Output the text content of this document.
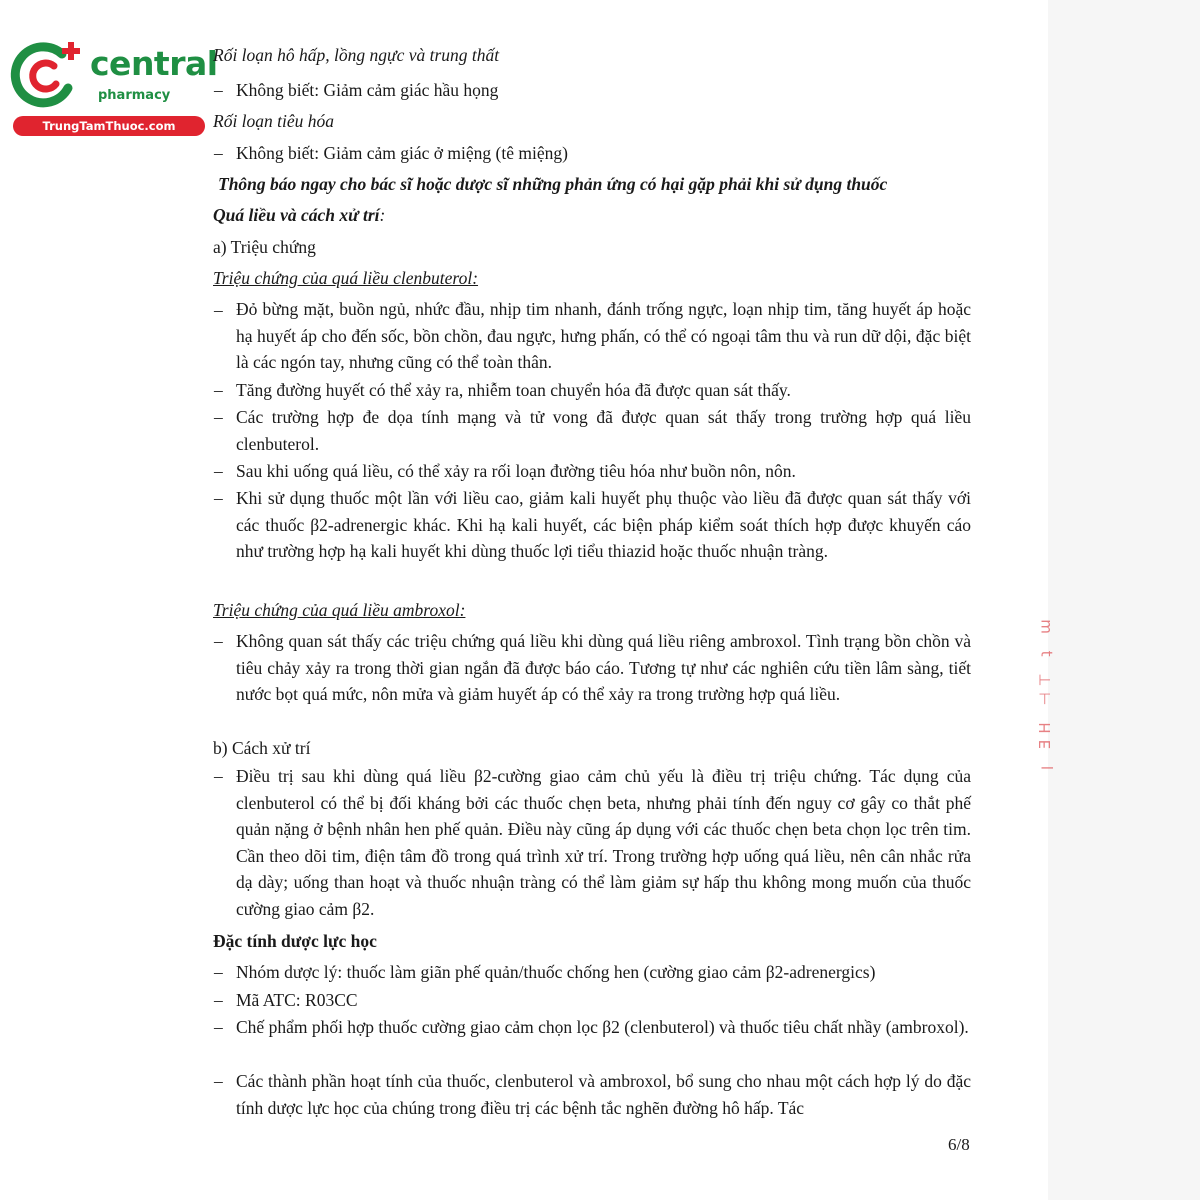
ꞁ ƎΗ ⊣⊤ ʇ ɯ
central
pharmacy
TrungTamThuoc.com
Rối loạn hô hấp, lồng ngực và trung thất
– Không biết: Giảm cảm giác hầu họng
Rối loạn tiêu hóa
– Không biết: Giảm cảm giác ở miệng (tê miệng)
Thông báo ngay cho bác sĩ hoặc dược sĩ những phản ứng có hại gặp phải khi sử dụng thuốc
Quá liều và cách xử trí:
a) Triệu chứng
Triệu chứng của quá liều clenbuterol:
– Đỏ bừng mặt, buồn ngủ, nhức đầu, nhịp tim nhanh, đánh trống ngực, loạn nhịp tim, tăng huyết áp hoặc hạ huyết áp cho đến sốc, bồn chồn, đau ngực, hưng phấn, có thể có ngoại tâm thu và run dữ dội, đặc biệt là các ngón tay, nhưng cũng có thể toàn thân.
– Tăng đường huyết có thể xảy ra, nhiễm toan chuyển hóa đã được quan sát thấy.
– Các trường hợp đe dọa tính mạng và tử vong đã được quan sát thấy trong trường hợp quá liều clenbuterol.
– Sau khi uống quá liều, có thể xảy ra rối loạn đường tiêu hóa như buồn nôn, nôn.
– Khi sử dụng thuốc một lần với liều cao, giảm kali huyết phụ thuộc vào liều đã được quan sát thấy với các thuốc β2-adrenergic khác. Khi hạ kali huyết, các biện pháp kiểm soát thích hợp được khuyến cáo như trường hợp hạ kali huyết khi dùng thuốc lợi tiểu thiazid hoặc thuốc nhuận tràng.
Triệu chứng của quá liều ambroxol:
– Không quan sát thấy các triệu chứng quá liều khi dùng quá liều riêng ambroxol. Tình trạng bồn chồn và tiêu chảy xảy ra trong thời gian ngắn đã được báo cáo. Tương tự như các nghiên cứu tiền lâm sàng, tiết nước bọt quá mức, nôn mửa và giảm huyết áp có thể xảy ra trong trường hợp quá liều.
b) Cách xử trí
– Điều trị sau khi dùng quá liều β2-cường giao cảm chủ yếu là điều trị triệu chứng. Tác dụng của clenbuterol có thể bị đối kháng bởi các thuốc chẹn beta, nhưng phải tính đến nguy cơ gây co thắt phế quản nặng ở bệnh nhân hen phế quản. Điều này cũng áp dụng với các thuốc chẹn beta chọn lọc trên tim. Cần theo dõi tim, điện tâm đồ trong quá trình xử trí. Trong trường hợp uống quá liều, nên cân nhắc rửa dạ dày; uống than hoạt và thuốc nhuận tràng có thể làm giảm sự hấp thu không mong muốn của thuốc cường giao cảm β2.
Đặc tính dược lực học
– Nhóm dược lý: thuốc làm giãn phế quản/thuốc chống hen (cường giao cảm β2-adrenergics)
– Mã ATC: R03CC
– Chế phẩm phối hợp thuốc cường giao cảm chọn lọc β2 (clenbuterol) và thuốc tiêu chất nhầy (ambroxol).
– Các thành phần hoạt tính của thuốc, clenbuterol và ambroxol, bổ sung cho nhau một cách hợp lý do đặc tính dược lực học của chúng trong điều trị các bệnh tắc nghẽn đường hô hấp. Tác
6/8
